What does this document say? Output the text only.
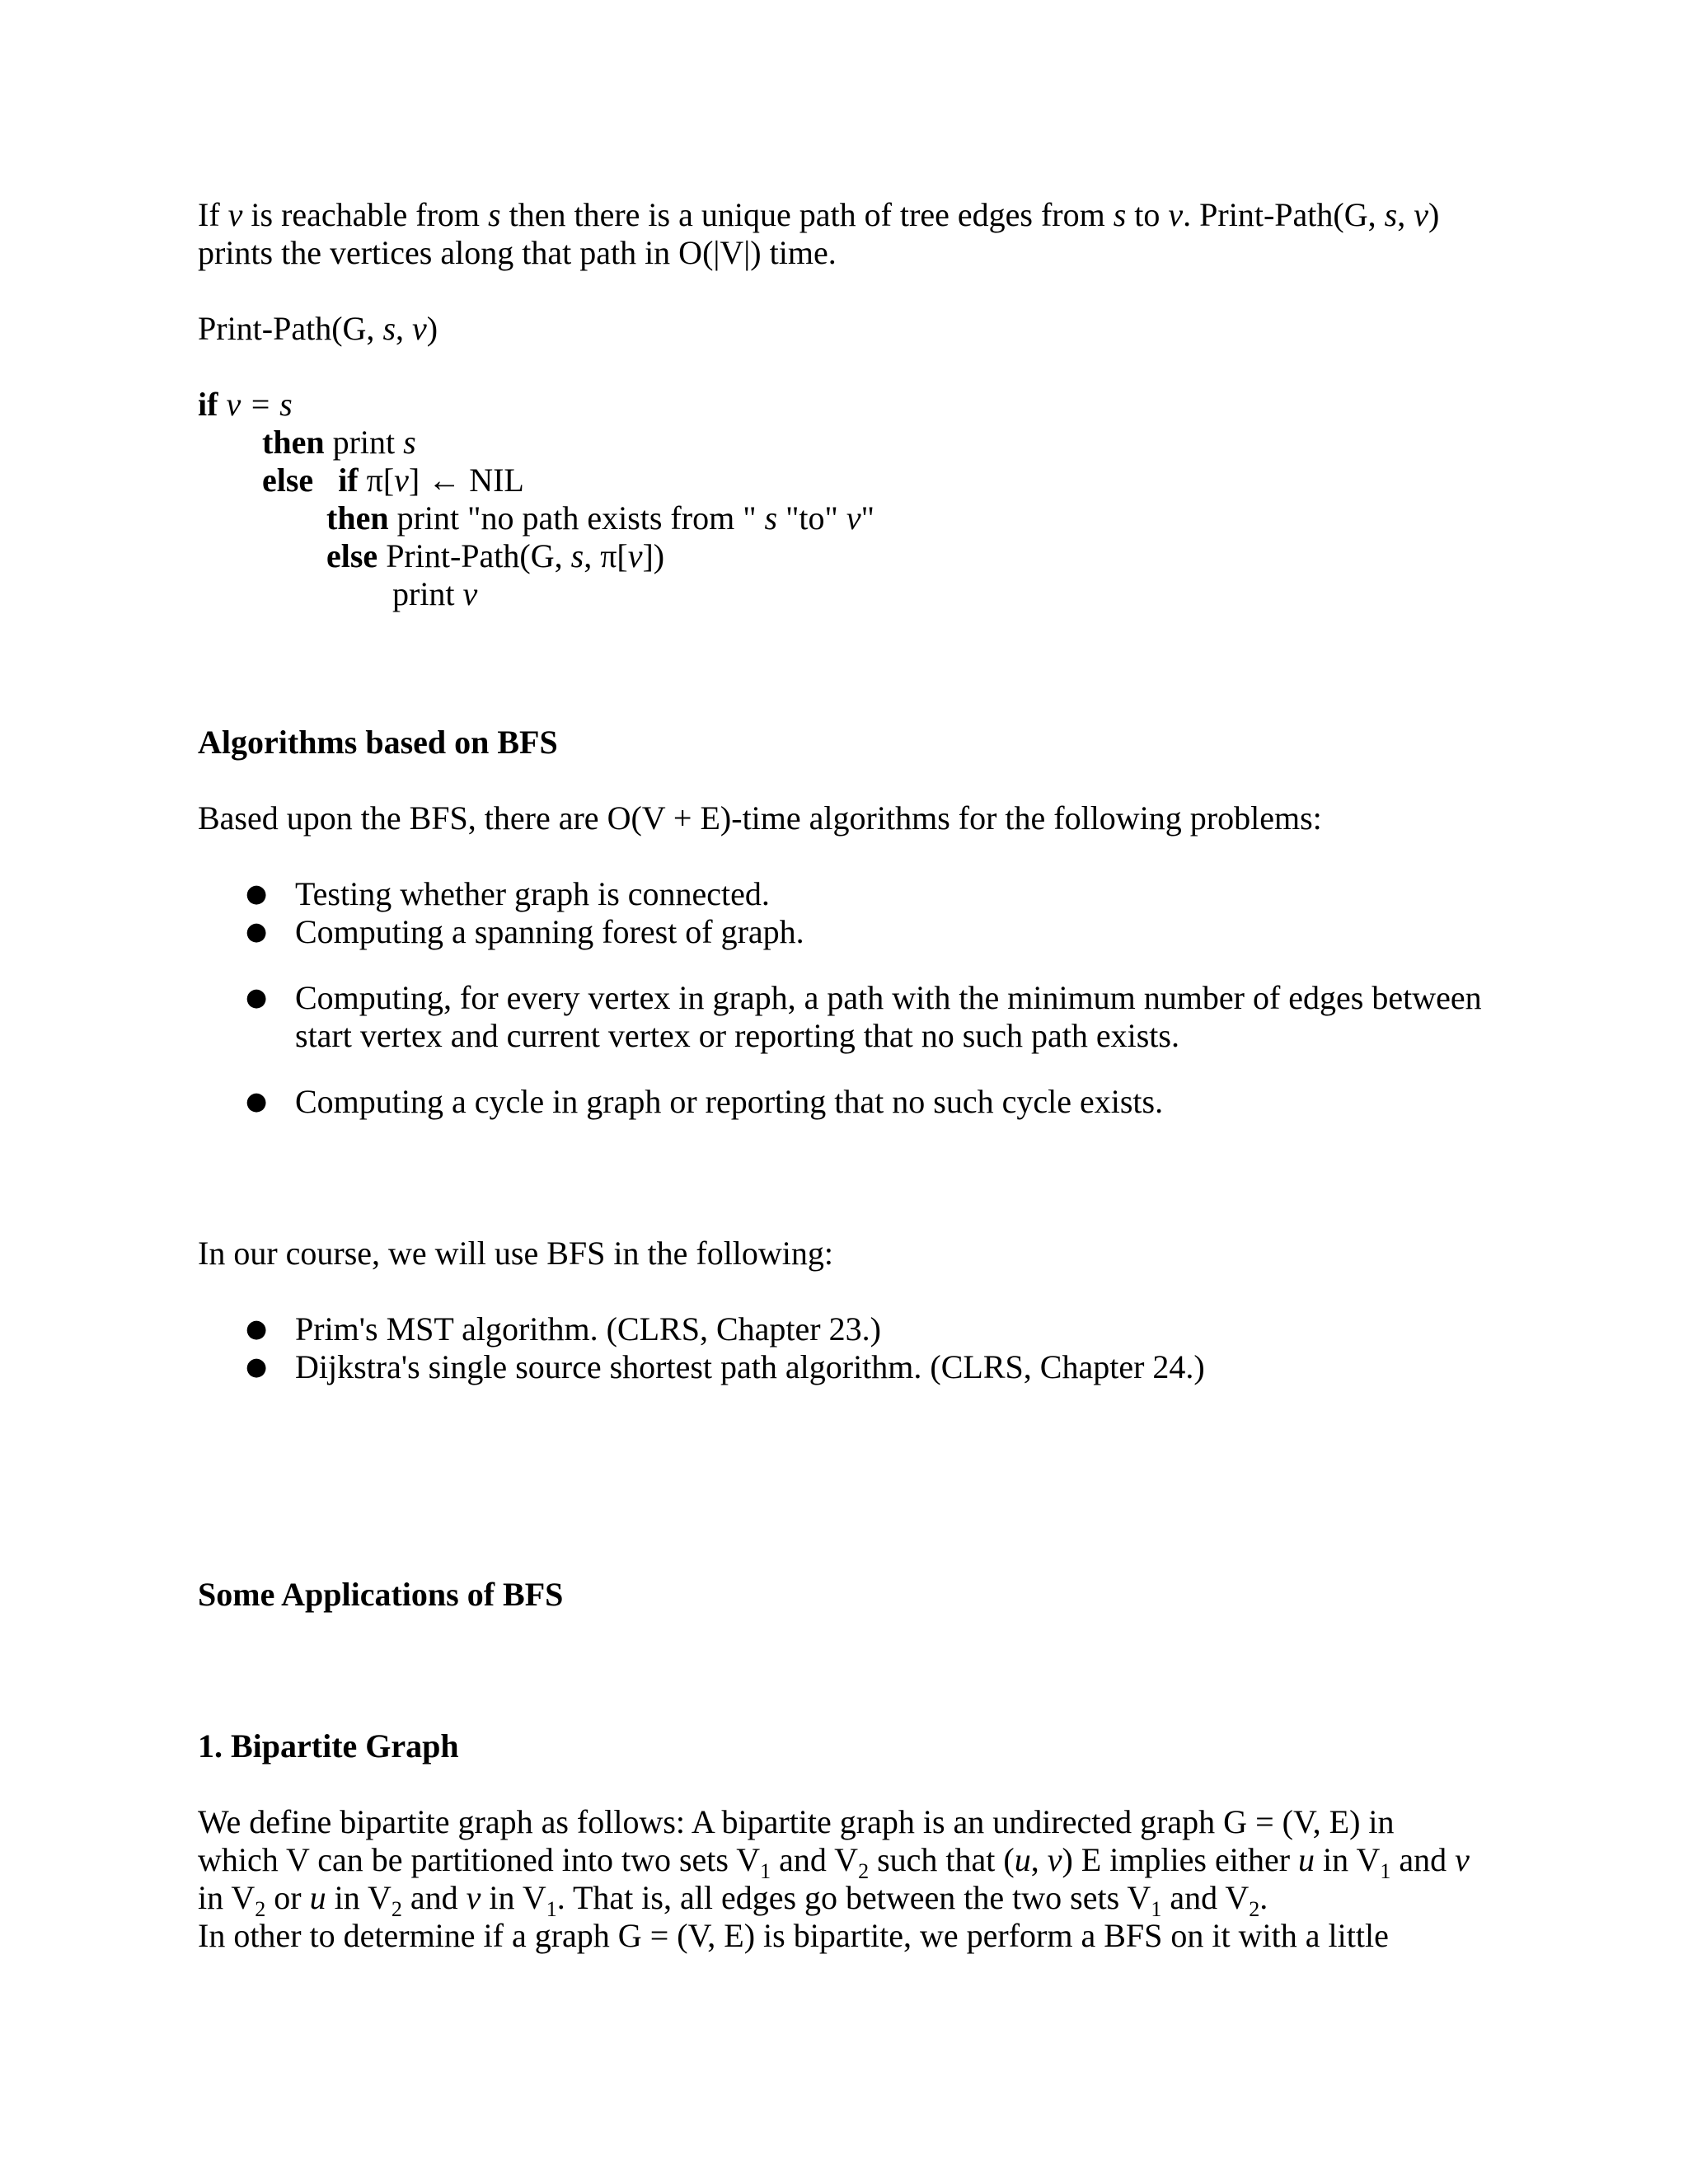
If v is reachable from s then there is a unique path of tree edges from s to v. Print-Path(G, s, v)
prints the vertices along that path in O(|V|) time.
Print-Path(G, s, v)
if v = s
then print s
else if π[v] ← NIL
then print "no path exists from " s "to" v"
else Print-Path(G, s, π[v])
print v
Algorithms based on BFS
Based upon the BFS, there are O(V + E)-time algorithms for the following problems:
● Testing whether graph is connected.
● Computing a spanning forest of graph.
● Computing, for every vertex in graph, a path with the minimum number of edges between
start vertex and current vertex or reporting that no such path exists.
● Computing a cycle in graph or reporting that no such cycle exists.
In our course, we will use BFS in the following:
● Prim's MST algorithm. (CLRS, Chapter 23.)
● Dijkstra's single source shortest path algorithm. (CLRS, Chapter 24.)
Some Applications of BFS
1. Bipartite Graph
We define bipartite graph as follows: A bipartite graph is an undirected graph G = (V, E) in
which V can be partitioned into two sets $V_1$ and $V_2$ such that (u, v) E implies either u in $V_1$ and v
in $V_2$ or u in $V_2$ and v in $V_1$. That is, all edges go between the two sets $V_1$ and $V_2$.
In other to determine if a graph G = (V, E) is bipartite, we perform a BFS on it with a little
